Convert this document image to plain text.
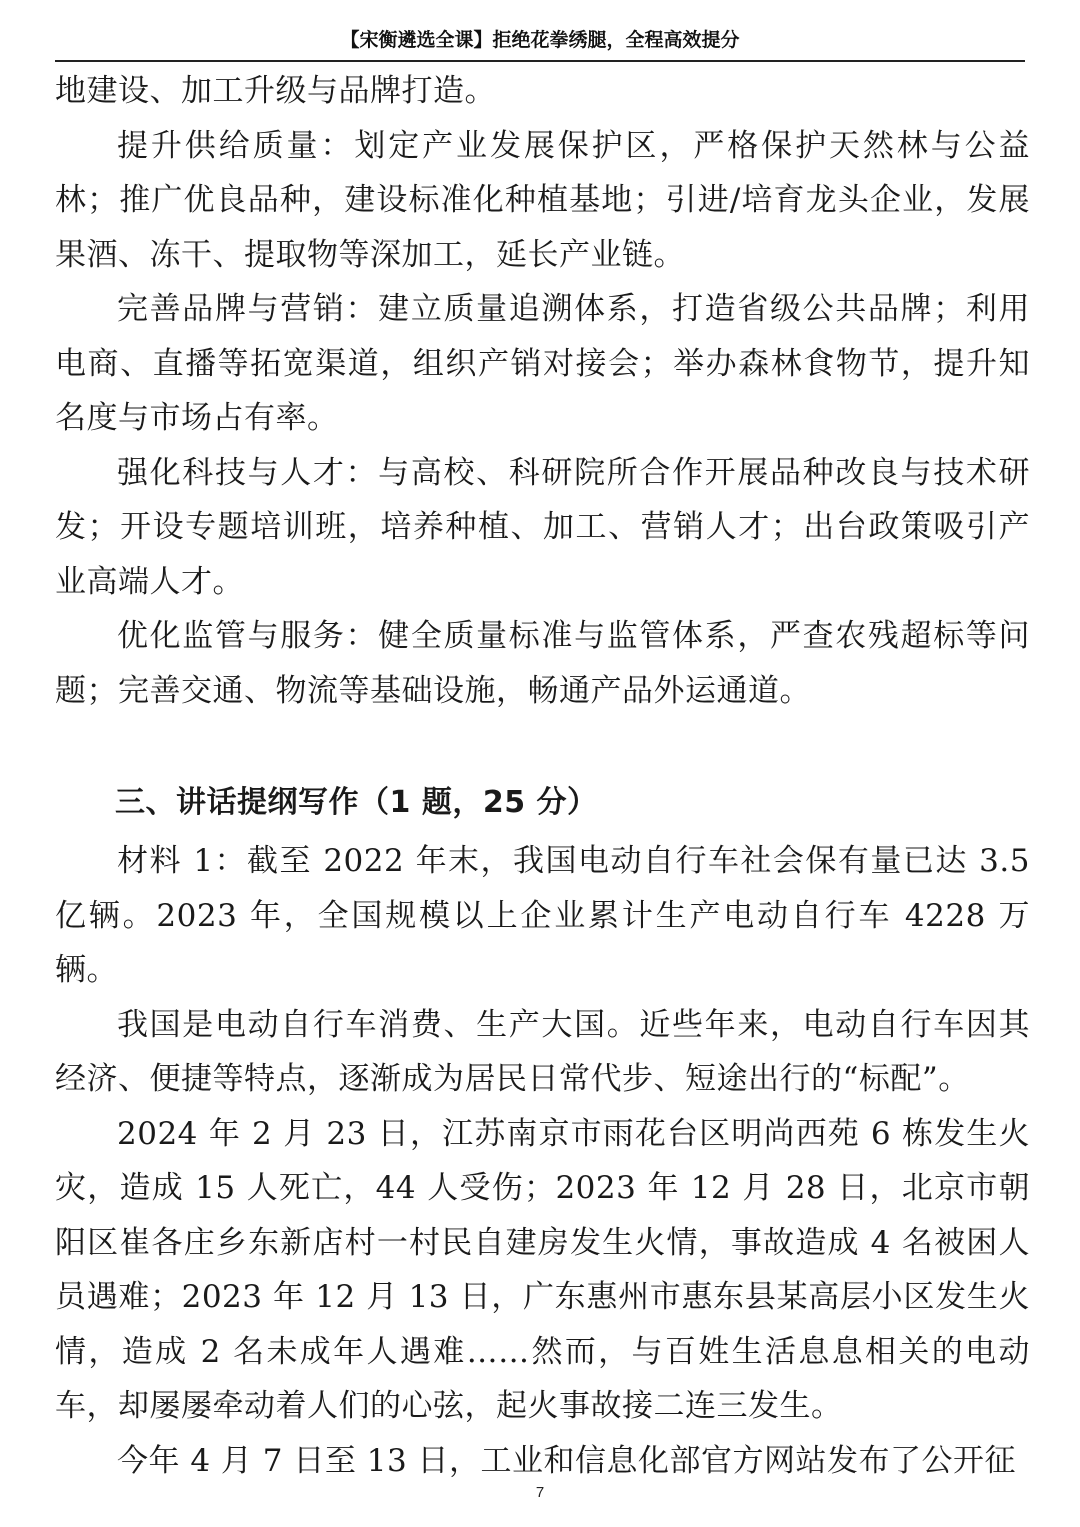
【宋衡遴选全课】拒绝花拳绣腿，全程高效提分

地建设、加工升级与品牌打造。

提升供给质量：划定产业发展保护区，严格保护天然林与公益林；推广优良品种，建设标准化种植基地；引进/培育龙头企业，发展果酒、冻干、提取物等深加工，延长产业链。

完善品牌与营销：建立质量追溯体系，打造省级公共品牌；利用电商、直播等拓宽渠道，组织产销对接会；举办森林食物节，提升知名度与市场占有率。

强化科技与人才：与高校、科研院所合作开展品种改良与技术研发；开设专题培训班，培养种植、加工、营销人才；出台政策吸引产业高端人才。

优化监管与服务：健全质量标准与监管体系，严查农残超标等问题；完善交通、物流等基础设施，畅通产品外运通道。

三、讲话提纲写作（1 题，25 分）

材料 1：截至 2022 年末，我国电动自行车社会保有量已达 3.5 亿辆。2023 年，全国规模以上企业累计生产电动自行车 4228 万辆。

我国是电动自行车消费、生产大国。近些年来，电动自行车因其经济、便捷等特点，逐渐成为居民日常代步、短途出行的“标配”。

2024 年 2 月 23 日，江苏南京市雨花台区明尚西苑 6 栋发生火灾，造成 15 人死亡，44 人受伤；2023 年 12 月 28 日，北京市朝阳区崔各庄乡东新店村一村民自建房发生火情，事故造成 4 名被困人员遇难；2023 年 12 月 13 日，广东惠州市惠东县某高层小区发生火情，造成 2 名未成年人遇难……然而，与百姓生活息息相关的电动车，却屡屡牵动着人们的心弦，起火事故接二连三发生。

今年 4 月 7 日至 13 日，工业和信息化部官方网站发布了公开征

7
